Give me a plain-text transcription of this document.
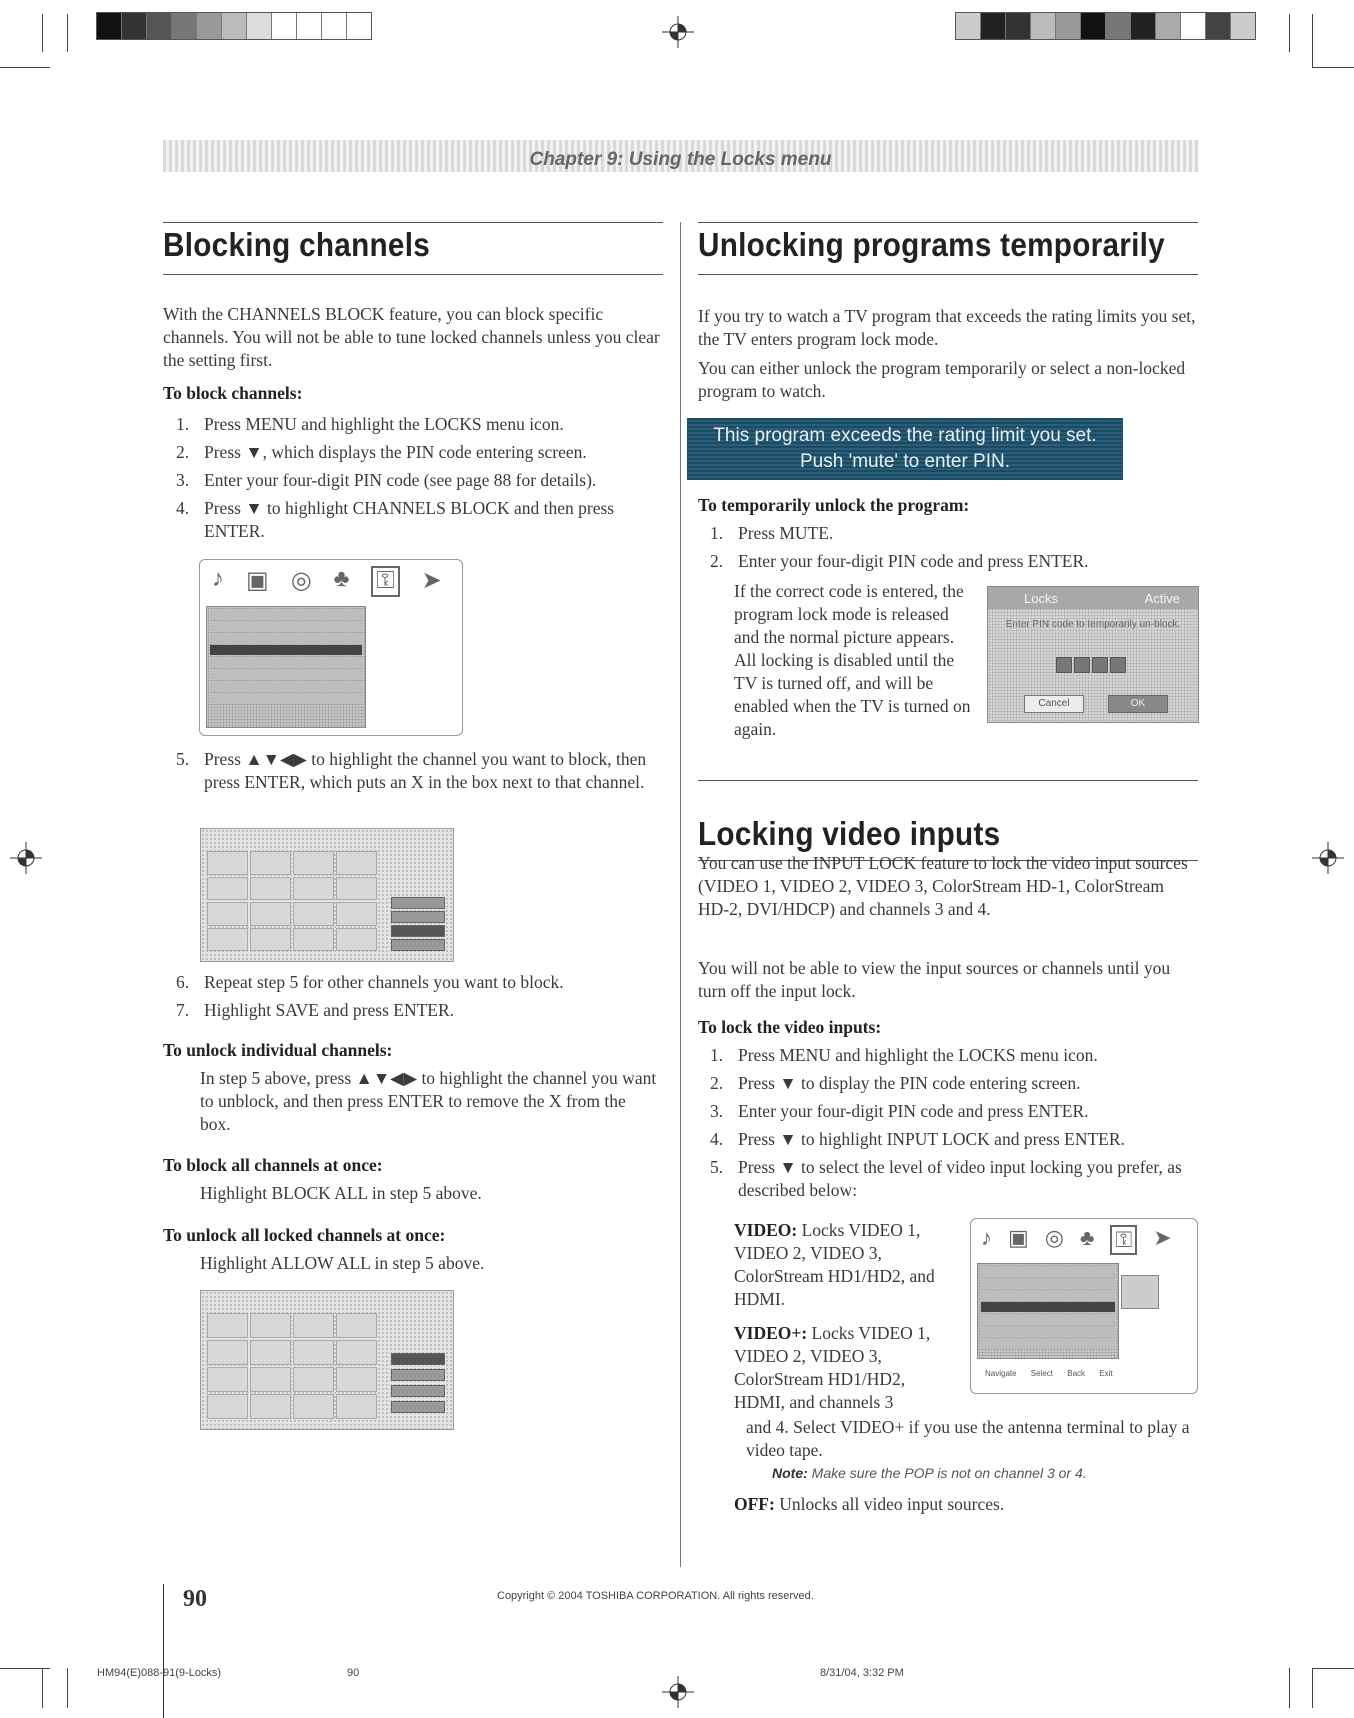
Chapter 9: Using the Locks menu
Blocking channels
With the CHANNELS BLOCK feature, you can block specific channels. You will not be able to tune locked channels unless you clear the setting first.
To block channels:
1. Press MENU and highlight the LOCKS menu icon.
2. Press ▼, which displays the PIN code entering screen.
3. Enter your four-digit PIN code (see page 88 for details).
4. Press ▼ to highlight CHANNELS BLOCK and then press ENTER.
♪ ▣ ◎ ♣ ⚿ ➤
5. Press ▲▼◀▶ to highlight the channel you want to block, then press ENTER, which puts an X in the box next to that channel.
6. Repeat step 5 for other channels you want to block.
7. Highlight SAVE and press ENTER.
To unlock individual channels:
In step 5 above, press ▲▼◀▶ to highlight the channel you want to unblock, and then press ENTER to remove the X from the box.
To block all channels at once:
Highlight BLOCK ALL in step 5 above.
To unlock all locked channels at once:
Highlight ALLOW ALL in step 5 above.
Unlocking programs temporarily
If you try to watch a TV program that exceeds the rating limits you set, the TV enters program lock mode.
You can either unlock the program temporarily or select a non-locked program to watch.
This program exceeds the rating limit you set.
Push 'mute' to enter PIN.
To temporarily unlock the program:
1. Press MUTE.
2. Enter your four-digit PIN code and press ENTER.
If the correct code is entered, the program lock mode is released and the normal picture appears. All locking is disabled until the TV is turned off, and will be enabled when the TV is turned on again.
Locks	Active
Enter PIN code to temporarily un-block.
Cancel	OK
Locking video inputs
You can use the INPUT LOCK feature to lock the video input sources (VIDEO 1, VIDEO 2, VIDEO 3, ColorStream HD-1, ColorStream HD-2, DVI/HDCP) and channels 3 and 4.
You will not be able to view the input sources or channels until you turn off the input lock.
To lock the video inputs:
1. Press MENU and highlight the LOCKS menu icon.
2. Press ▼ to display the PIN code entering screen.
3. Enter your four-digit PIN code and press ENTER.
4. Press ▼ to highlight INPUT LOCK and press ENTER.
5. Press ▼ to select the level of video input locking you prefer, as described below:
VIDEO: Locks VIDEO 1, VIDEO 2, VIDEO 3, ColorStream HD1/HD2, and HDMI.
VIDEO+: Locks VIDEO 1, VIDEO 2, VIDEO 3, ColorStream HD1/HD2, HDMI, and channels 3
and 4. Select VIDEO+ if you use the antenna terminal to play a video tape.
Note: Make sure the POP is not on channel 3 or 4.
OFF: Unlocks all video input sources.
♪ ▣ ◎ ♣ ⚿ ➤
Navigate Select Back Exit
90	Copyright © 2004 TOSHIBA CORPORATION. All rights reserved.
HM94(E)088-91(9-Locks)	90	8/31/04, 3:32 PM
